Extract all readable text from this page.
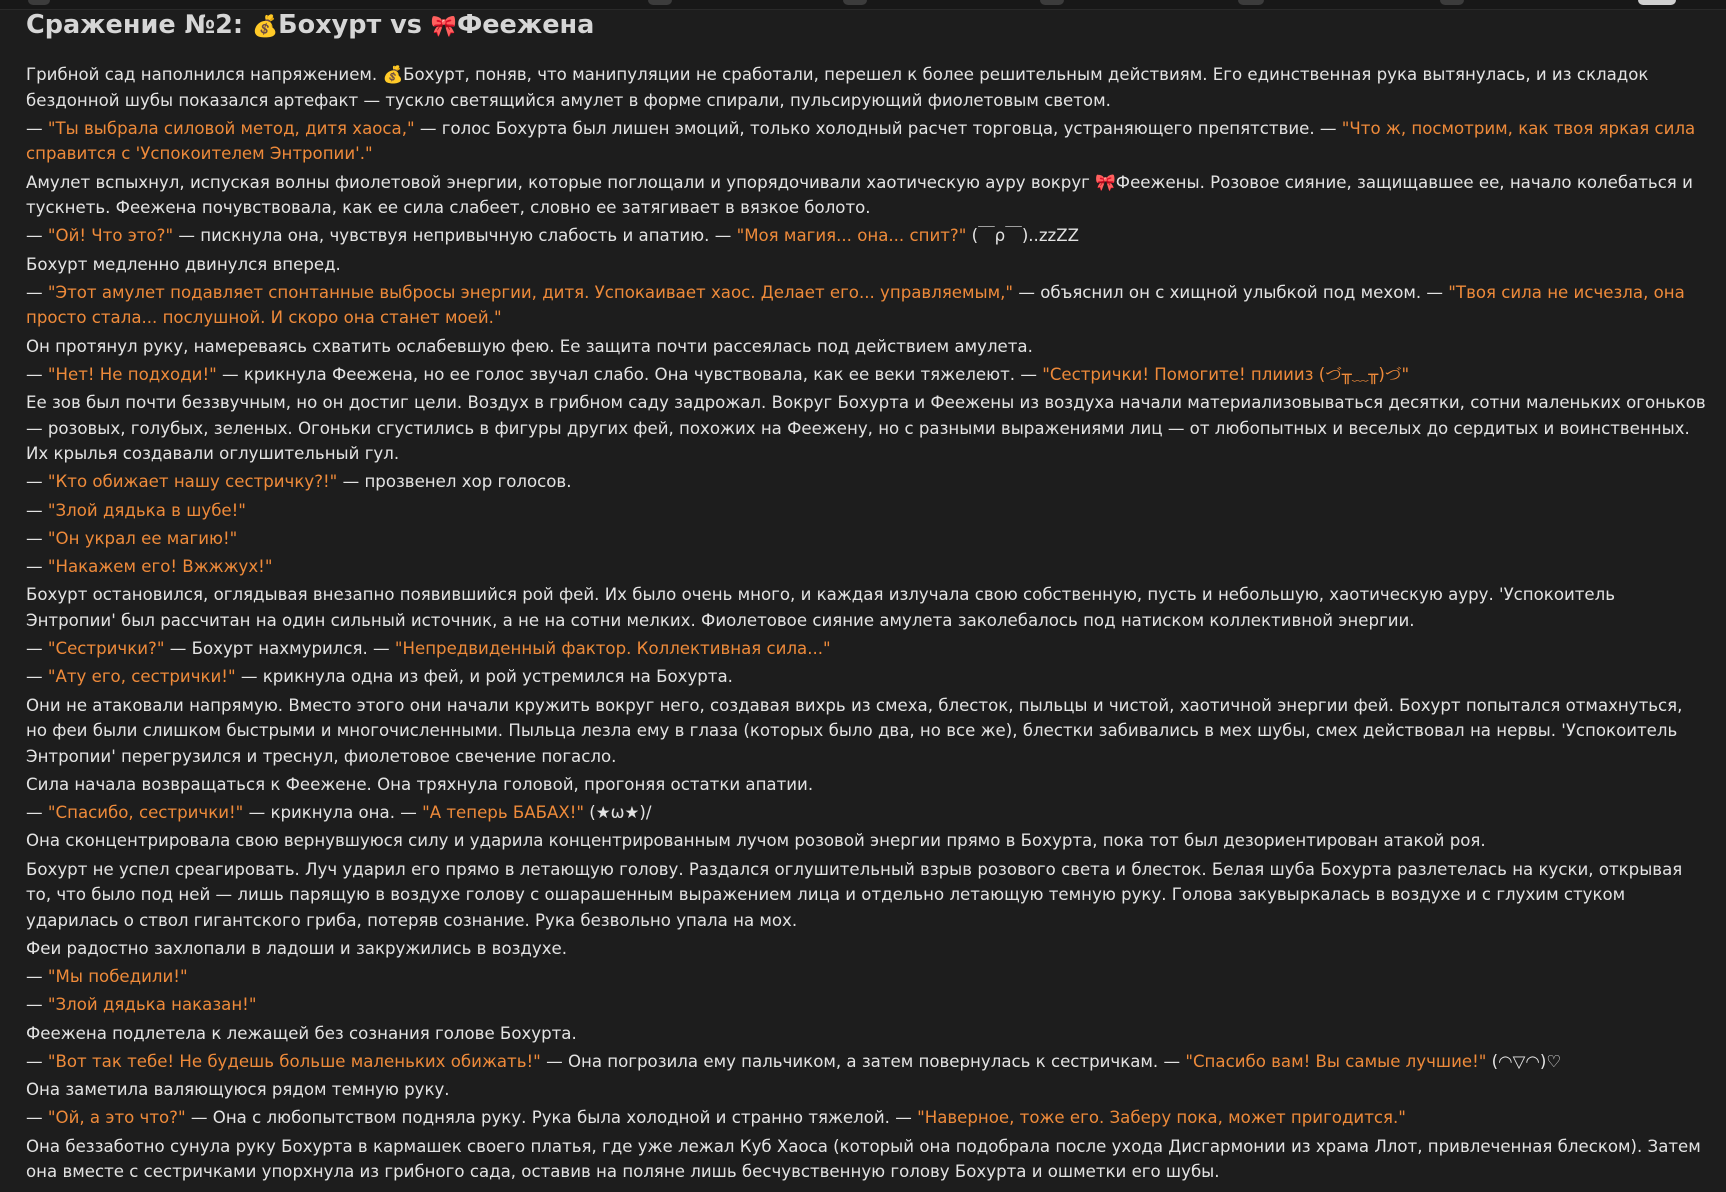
Сражение №2: 💰Бохурт vs 🎀Феежена

Грибной сад наполнился напряжением. 💰Бохурт, поняв, что манипуляции не сработали, перешел к более решительным действиям. Его единственная рука вытянулась, и из складок бездонной шубы показался артефакт — тускло светящийся амулет в форме спирали, пульсирующий фиолетовым светом.

— "Ты выбрала силовой метод, дитя хаоса," — голос Бохурта был лишен эмоций, только холодный расчет торговца, устраняющего препятствие. — "Что ж, посмотрим, как твоя яркая сила справится с 'Успокоителем Энтропии'."

Амулет вспыхнул, испуская волны фиолетовой энергии, которые поглощали и упорядочивали хаотическую ауру вокруг 🎀Феежены. Розовое сияние, защищавшее ее, начало колебаться и тускнеть. Феежена почувствовала, как ее сила слабеет, словно ее затягивает в вязкое болото.

— "Ой! Что это?" — пискнула она, чувствуя непривычную слабость и апатию. — "Моя магия... она... спит?" (￣ρ￣)..zzZZ

Бохурт медленно двинулся вперед.

— "Этот амулет подавляет спонтанные выбросы энергии, дитя. Успокаивает хаос. Делает его... управляемым," — объяснил он с хищной улыбкой под мехом. — "Твоя сила не исчезла, она просто стала... послушной. И скоро она станет моей."

Он протянул руку, намереваясь схватить ослабевшую фею. Ее защита почти рассеялась под действием амулета.

— "Нет! Не подходи!" — крикнула Феежена, но ее голос звучал слабо. Она чувствовала, как ее веки тяжелеют. — "Сестрички! Помогите! плиииз (づ╥﹏╥)づ"

Ее зов был почти беззвучным, но он достиг цели. Воздух в грибном саду задрожал. Вокруг Бохурта и Феежены из воздуха начали материализовываться десятки, сотни маленьких огоньков — розовых, голубых, зеленых. Огоньки сгустились в фигуры других фей, похожих на Феежену, но с разными выражениями лиц — от любопытных и веселых до сердитых и воинственных. Их крылья создавали оглушительный гул.

— "Кто обижает нашу сестричку?!" — прозвенел хор голосов.

— "Злой дядька в шубе!"

— "Он украл ее магию!"

— "Накажем его! Вжжжух!"

Бохурт остановился, оглядывая внезапно появившийся рой фей. Их было очень много, и каждая излучала свою собственную, пусть и небольшую, хаотическую ауру. 'Успокоитель Энтропии' был рассчитан на один сильный источник, а не на сотни мелких. Фиолетовое сияние амулета заколебалось под натиском коллективной энергии.

— "Сестрички?" — Бохурт нахмурился. — "Непредвиденный фактор. Коллективная сила..."

— "Ату его, сестрички!" — крикнула одна из фей, и рой устремился на Бохурта.

Они не атаковали напрямую. Вместо этого они начали кружить вокруг него, создавая вихрь из смеха, блесток, пыльцы и чистой, хаотичной энергии фей. Бохурт попытался отмахнуться, но феи были слишком быстрыми и многочисленными. Пыльца лезла ему в глаза (которых было два, но все же), блестки забивались в мех шубы, смех действовал на нервы. 'Успокоитель Энтропии' перегрузился и треснул, фиолетовое свечение погасло.

Сила начала возвращаться к Феежене. Она тряхнула головой, прогоняя остатки апатии.

— "Спасибо, сестрички!" — крикнула она. — "А теперь БАБАХ!" (★ω★)/

Она сконцентрировала свою вернувшуюся силу и ударила концентрированным лучом розовой энергии прямо в Бохурта, пока тот был дезориентирован атакой роя.

Бохурт не успел среагировать. Луч ударил его прямо в летающую голову. Раздался оглушительный взрыв розового света и блесток. Белая шуба Бохурта разлетелась на куски, открывая то, что было под ней — лишь парящую в воздухе голову с ошарашенным выражением лица и отдельно летающую темную руку. Голова закувыркалась в воздухе и с глухим стуком ударилась о ствол гигантского гриба, потеряв сознание. Рука безвольно упала на мох.

Феи радостно захлопали в ладоши и закружились в воздухе.

— "Мы победили!"

— "Злой дядька наказан!"

Феежена подлетела к лежащей без сознания голове Бохурта.

— "Вот так тебе! Не будешь больше маленьких обижать!" — Она погрозила ему пальчиком, а затем повернулась к сестричкам. — "Спасибо вам! Вы самые лучшие!" (◠▽◠)♡

Она заметила валяющуюся рядом темную руку.

— "Ой, а это что?" — Она с любопытством подняла руку. Рука была холодной и странно тяжелой. — "Наверное, тоже его. Заберу пока, может пригодится."

Она беззаботно сунула руку Бохурта в кармашек своего платья, где уже лежал Куб Хаоса (который она подобрала после ухода Дисгармонии из храма Ллот, привлеченная блеском). Затем она вместе с сестричками упорхнула из грибного сада, оставив на поляне лишь бесчувственную голову Бохурта и ошметки его шубы.
